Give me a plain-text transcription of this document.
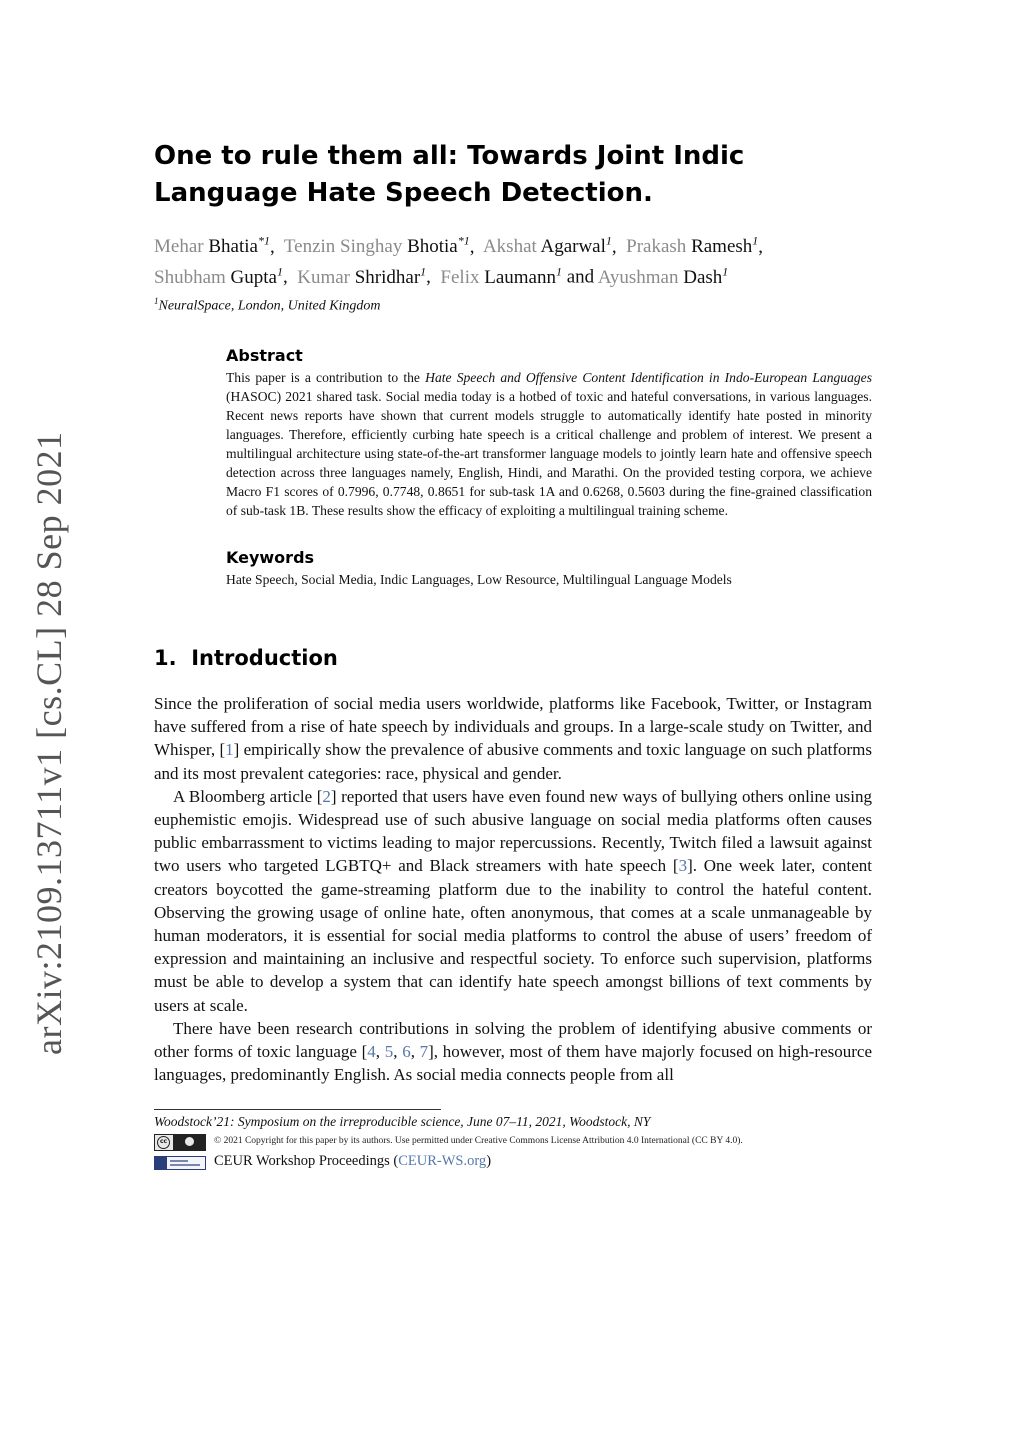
arXiv:2109.13711v1 [cs.CL] 28 Sep 2021
One to rule them all: Towards Joint Indic Language Hate Speech Detection.
Mehar Bhatia$^{*1}$,  Tenzin Singhay Bhotia$^{*1}$,  Akshat Agarwal$^1$,  Prakash Ramesh$^1$,
Shubham Gupta$^1$,  Kumar Shridhar$^1$,  Felix Laumann$^1$ and Ayushman Dash$^1$
$^1$NeuralSpace, London, United Kingdom
Abstract
This paper is a contribution to the Hate Speech and Offensive Content Identification in Indo-European Languages (HASOC) 2021 shared task. Social media today is a hotbed of toxic and hateful conversations, in various languages. Recent news reports have shown that current models struggle to automatically identify hate posted in minority languages. Therefore, efficiently curbing hate speech is a critical challenge and problem of interest. We present a multilingual architecture using state-of-the-art transformer language models to jointly learn hate and offensive speech detection across three languages namely, English, Hindi, and Marathi. On the provided testing corpora, we achieve Macro F1 scores of 0.7996, 0.7748, 0.8651 for sub-task 1A and 0.6268, 0.5603 during the fine-grained classification of sub-task 1B. These results show the efficacy of exploiting a multilingual training scheme.
Keywords
Hate Speech, Social Media, Indic Languages, Low Resource, Multilingual Language Models
1. Introduction

Since the proliferation of social media users worldwide, platforms like Facebook, Twitter, or Instagram have suffered from a rise of hate speech by individuals and groups. In a large-scale study on Twitter, and Whisper, [1] empirically show the prevalence of abusive comments and toxic language on such platforms and its most prevalent categories: race, physical and gender.

A Bloomberg article [2] reported that users have even found new ways of bullying others online using euphemistic emojis. Widespread use of such abusive language on social media platforms often causes public embarrassment to victims leading to major repercussions. Recently, Twitch filed a lawsuit against two users who targeted LGBTQ+ and Black streamers with hate speech [3]. One week later, content creators boycotted the game-streaming platform due to the inability to control the hateful content. Observing the growing usage of online hate, often anonymous, that comes at a scale unmanageable by human moderators, it is essential for social media platforms to control the abuse of users’ freedom of expression and maintaining an inclusive and respectful society. To enforce such supervision, platforms must be able to develop a system that can identify hate speech amongst billions of text comments by users at scale.

There have been research contributions in solving the problem of identifying abusive comments or other forms of toxic language [4, 5, 6, 7], however, most of them have majorly focused on high-resource languages, predominantly English. As social media connects people from all

Woodstock’21: Symposium on the irreproducible science, June 07–11, 2021, Woodstock, NY
cc	© 2021 Copyright for this paper by its authors. Use permitted under Creative Commons License Attribution 4.0 International (CC BY 4.0).
CEUR Workshop Proceedings (CEUR-WS.org)
